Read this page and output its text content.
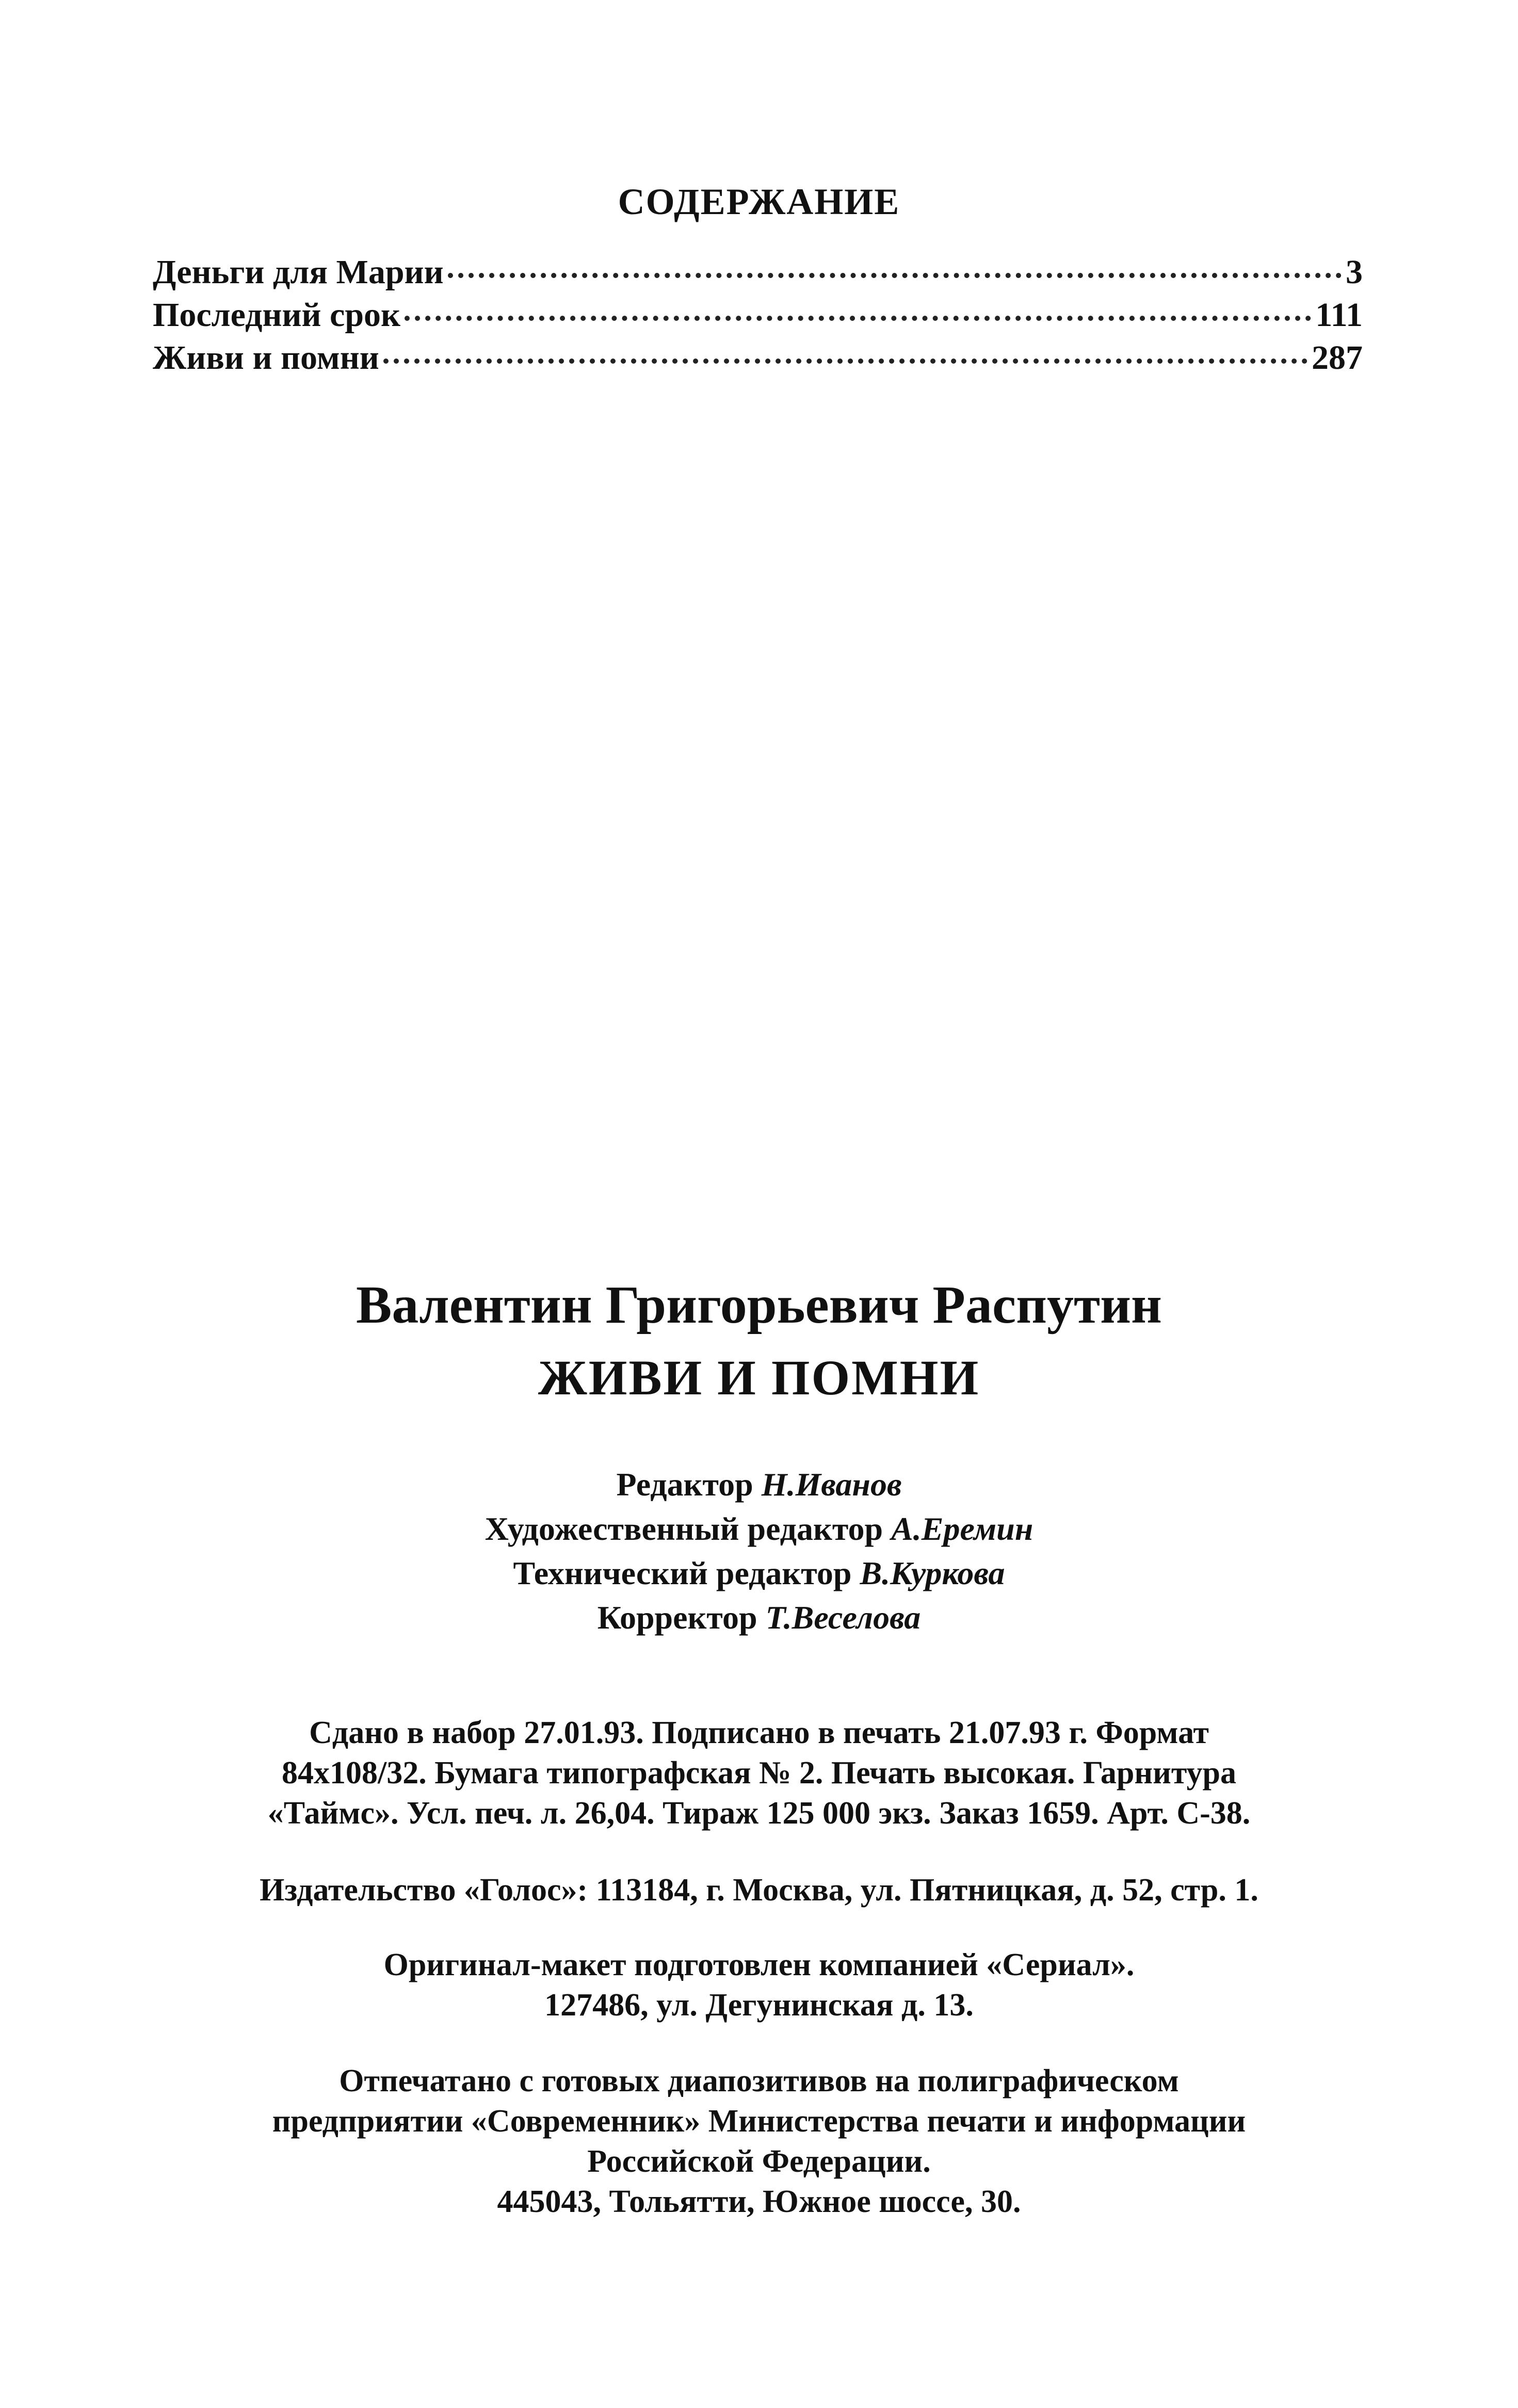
СОДЕРЖАНИЕ
Деньги для Марии	3
Последний срок	111
Живи и помни	287
Валентин Григорьевич Распутин
ЖИВИ И ПОМНИ
Редактор Н.Иванов
Художественный редактор А.Еремин
Технический редактор В.Куркова
Корректор Т.Веселова
Сдано в набор 27.01.93. Подписано в печать 21.07.93 г. Формат
84х108/32. Бумага типографская № 2. Печать высокая. Гарнитура
«Таймс». Усл. печ. л. 26,04. Тираж 125 000 экз. Заказ 1659. Арт. С-38.
Издательство «Голос»: 113184, г. Москва, ул. Пятницкая, д. 52, стр. 1.
Оригинал-макет подготовлен компанией «Сериал».
127486, ул. Дегунинская д. 13.
Отпечатано с готовых диапозитивов на полиграфическом
предприятии «Современник» Министерства печати и информации
Российской Федерации.
445043, Тольятти, Южное шоссе, 30.
